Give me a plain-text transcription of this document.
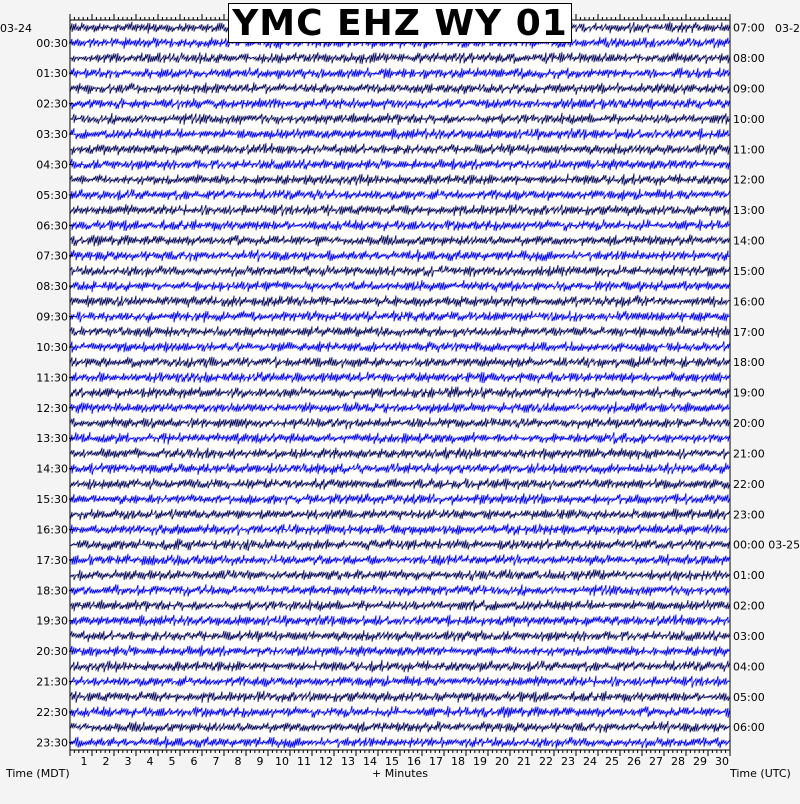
00:30
01:30
02:30
03:30
04:30
05:30
06:30
07:30
08:30
09:30
10:30
11:30
12:30
13:30
14:30
15:30
16:30
17:30
18:30
19:30
20:30
21:30
22:30
23:30
07:00
08:00
09:00
10:00
11:00
12:00
13:00
14:00
15:00
16:00
17:00
18:00
19:00
20:00
21:00
22:00
23:00
00:00 03-25
01:00
02:00
03:00
04:00
05:00
06:00
1 2 3 4 5 6 7 8 9 10 11 12 13 14 15 16 17 18 19 20 21 22 23 24 25 26 27 28 29 30
YMC EHZ WY 01
03-24	03-2
Time (MDT)	+ Minutes	Time (UTC)
